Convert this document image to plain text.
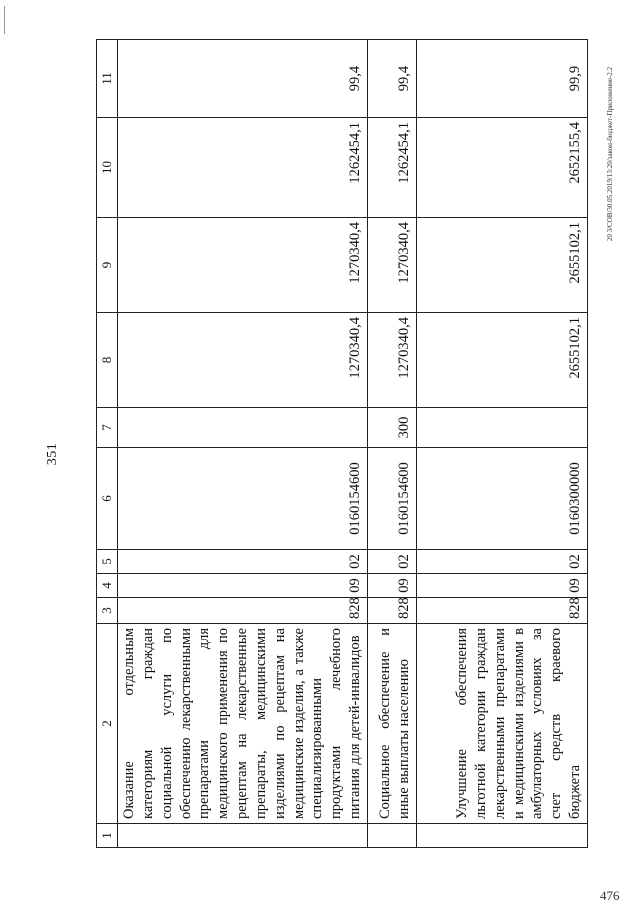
351
20 3/СОВ/30.05.2019/13:20/закон-бюджет-Приложение-2.2
476
1	2	3	4	5	6	7	8	9	10	11
	Оказание отдельным категориям граждан социальной услуги по обеспечению лекарственными препаратами для медицинского применения по рецептам на лекарственные препараты, медицинскими изделиями по рецептам на медицинские изделия, а также специализированными продуктами лечебного питания для детей-инвалидов	828	09	02	0160154600		1270340,4	1270340,4	1262454,1	99,4
	Социальное обеспечение и иные выплаты населению	828	09	02	0160154600	300	1270340,4	1270340,4	1262454,1	99,4
	Улучшение обеспечения льготной категории граждан лекарственными препаратами и медицинскими изделиями в амбулаторных условиях за счет средств краевого бюджета	828	09	02	0160300000		2655102,1	2655102,1	2652155,4	99,9
